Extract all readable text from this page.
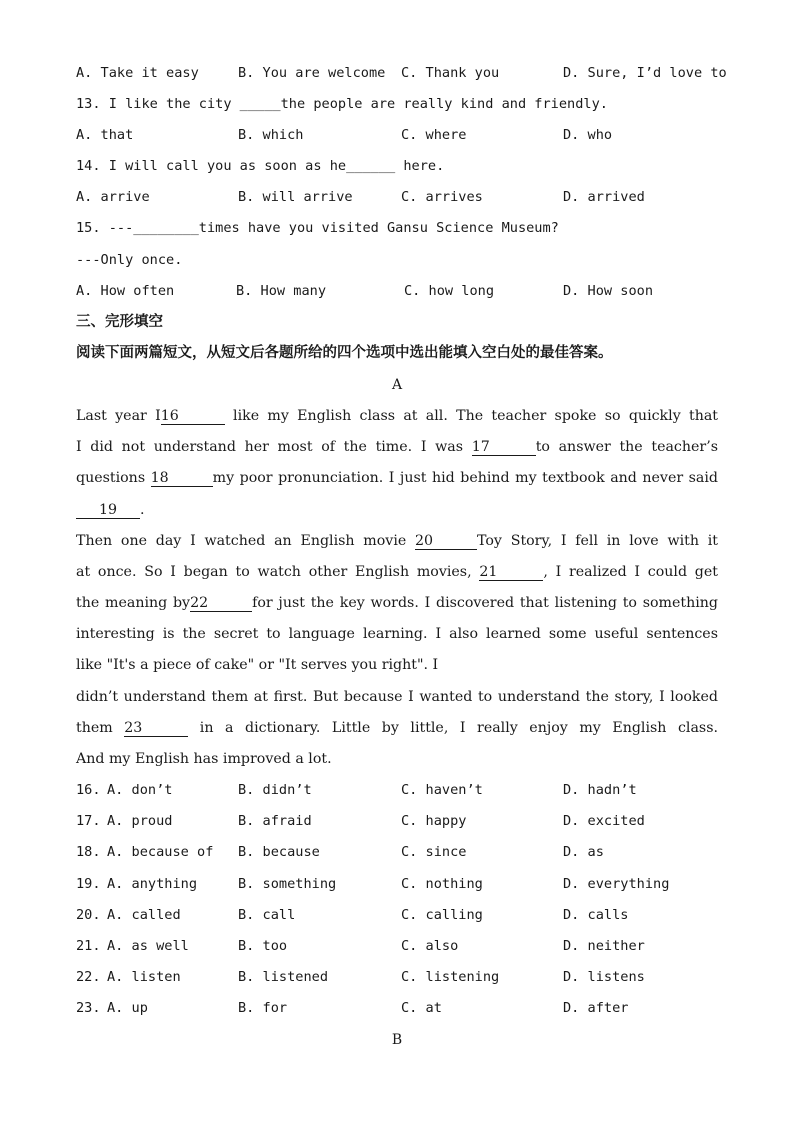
A. Take it easy	B. You are welcome C. Thank you	D. Sure, I’d love to
13. I like the city _____the people are really kind and friendly.
A. that	B. which	C. where	D. who
14. I will call you as soon as he______ here.
A. arrive	B. will arrive	C. arrives	D. arrived
15. ---________times have you visited Gansu Science Museum?
---Only once.
A. How often	B. How many	C. how long	D. How soon
三、完形填空
阅读下面两篇短文，从短文后各题所给的四个选项中选出能填入空白处的最佳答案。
A
Last year I16	like my English class at all. The teacher spoke so quickly that
I did not understand her most of the time. I was 17	to answer the teacher’s
questions 18	my poor pronunciation. I just hid behind my textbook and never said
19 .
Then one day I watched an English movie 20	Toy Story, I fell in love with it
at once. So I began to watch other English movies, 21	, I realized I could get
the meaning by22	for just the key words. I discovered that listening to something
interesting is the secret to language learning. I also learned some useful sentences
like "It's a piece of cake" or "It serves you right". I
didn’t understand them at first. But because I wanted to understand the story, I looked
them 23	in a dictionary. Little by little, I really enjoy my English class.
And my English has improved a lot.
16. A. don’t	B. didn’t	C. haven’t	D. hadn’t
17. A. proud	B. afraid	C. happy	D. excited
18. A. because of B. because	C. since	D. as
19. A. anything	B. something	C. nothing	D. everything
20. A. called	B. call	C. calling	D. calls
21. A. as well	B. too	C. also	D. neither
22. A. listen	B. listened	C. listening	D. listens
23. A. up	B. for	C. at	D. after
B
